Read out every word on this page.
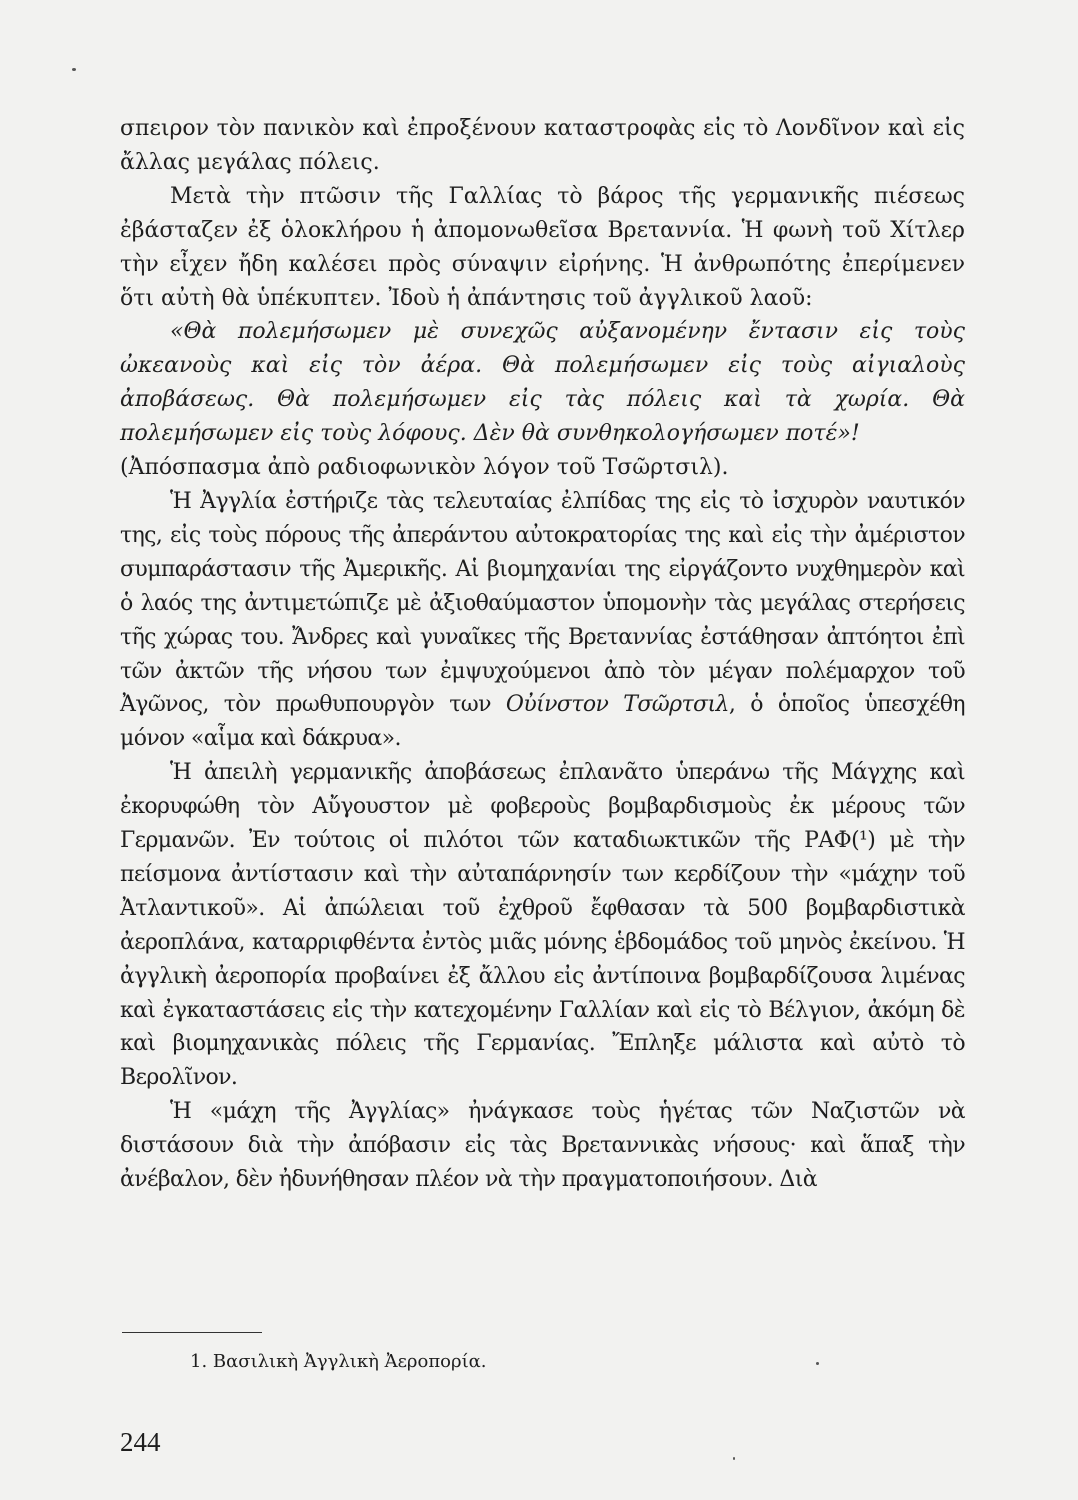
σπειρον τὸν πανικὸν καὶ ἐπροξένουν καταστροφὰς εἰς τὸ Λονδῖνον καὶ εἰς ἄλλας μεγάλας πόλεις.

Μετὰ τὴν πτῶσιν τῆς Γαλλίας τὸ βάρος τῆς γερμανικῆς πιέσεως ἐβάσταζεν ἐξ ὁλοκλήρου ἡ ἀπομονωθεῖσα Βρεταννία. Ἡ φωνὴ τοῦ Χίτλερ τὴν εἶχεν ἤδη καλέσει πρὸς σύναψιν εἰρήνης. Ἡ ἀνθρωπότης ἐπερίμενεν ὅτι αὐτὴ θὰ ὑπέκυπτεν. Ἰδοὺ ἡ ἀπάντησις τοῦ ἀγγλικοῦ λαοῦ:

«Θὰ πολεμήσωμεν μὲ συνεχῶς αὐξανομένην ἔντασιν εἰς τοὺς ὠκεανοὺς καὶ εἰς τὸν ἀέρα. Θὰ πολεμήσωμεν εἰς τοὺς αἰγιαλοὺς ἀποβάσεως. Θὰ πολεμήσωμεν εἰς τὰς πόλεις καὶ τὰ χωρία. Θὰ πολεμήσωμεν εἰς τοὺς λόφους. Δὲν θὰ συνθηκολογήσωμεν ποτέ»!

(Ἀπόσπασμα ἀπὸ ραδιοφωνικὸν λόγον τοῦ Τσῶρτσιλ).

Ἡ Ἀγγλία ἐστήριζε τὰς τελευταίας ἐλπίδας της εἰς τὸ ἰσχυρὸν ναυτικόν της, εἰς τοὺς πόρους τῆς ἀπεράντου αὐτοκρατορίας της καὶ εἰς τὴν ἀμέριστον συμπαράστασιν τῆς Ἀμερικῆς. Αἱ βιομηχανίαι της εἰργάζοντο νυχθημερὸν καὶ ὁ λαός της ἀντιμετώπιζε μὲ ἀξιοθαύμαστον ὑπομονὴν τὰς μεγάλας στερήσεις τῆς χώρας του. Ἄνδρες καὶ γυναῖκες τῆς Βρεταννίας ἐστάθησαν ἀπτόητοι ἐπὶ τῶν ἀκτῶν τῆς νήσου των ἐμψυχούμενοι ἀπὸ τὸν μέγαν πολέμαρχον τοῦ Ἀγῶνος, τὸν πρωθυπουργὸν των Οὐίνστον Τσῶρτσιλ, ὁ ὁποῖος ὑπεσχέθη μόνον «αἷμα καὶ δάκρυα».

Ἡ ἀπειλὴ γερμανικῆς ἀποβάσεως ἐπλανᾶτο ὑπεράνω τῆς Μάγχης καὶ ἐκορυφώθη τὸν Αὔγουστον μὲ φοβεροὺς βομβαρδισμοὺς ἐκ μέρους τῶν Γερμανῶν. Ἐν τούτοις οἱ πιλότοι τῶν καταδιωκτικῶν τῆς ΡΑΦ(¹) μὲ τὴν πείσμονα ἀντίστασιν καὶ τὴν αὐταπάρνησίν των κερδίζουν τὴν «μάχην τοῦ Ἀτλαντικοῦ». Αἱ ἀπώλειαι τοῦ ἐχθροῦ ἔφθασαν τὰ 500 βομβαρδιστικὰ ἀεροπλάνα, καταρριφθέντα ἐντὸς μιᾶς μόνης ἑβδομάδος τοῦ μηνὸς ἐκείνου. Ἡ ἀγγλικὴ ἀεροπορία προβαίνει ἐξ ἄλλου εἰς ἀντίποινα βομβαρδίζουσα λιμένας καὶ ἐγκαταστάσεις εἰς τὴν κατεχομένην Γαλλίαν καὶ εἰς τὸ Βέλγιον, ἀκόμη δὲ καὶ βιομηχανικὰς πόλεις τῆς Γερμανίας. Ἔπληξε μάλιστα καὶ αὐτὸ τὸ Βερολῖνον.

Ἡ «μάχη τῆς Ἀγγλίας» ἠνάγκασε τοὺς ἡγέτας τῶν Ναζιστῶν νὰ διστάσουν διὰ τὴν ἀπόβασιν εἰς τὰς Βρεταννικὰς νήσους· καὶ ἅπαξ τὴν ἀνέβαλον, δὲν ἠδυνήθησαν πλέον νὰ τὴν πραγματοποιήσουν. Διὰ

1. Βασιλικὴ Ἀγγλικὴ Ἀεροπορία.
244
